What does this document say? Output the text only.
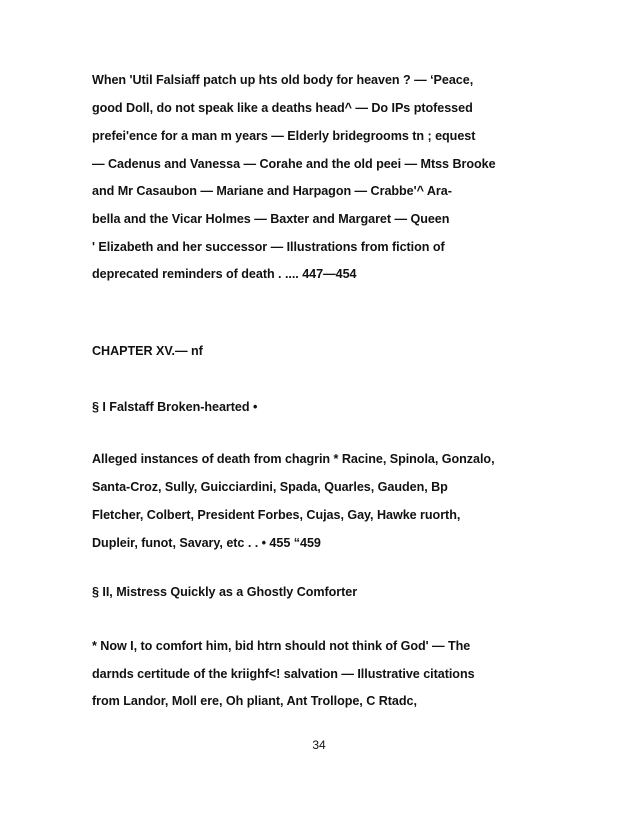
When 'Util Falsiaff patch up hts old body for heaven ? — ‘Peace,
good Doll, do not speak like a deaths head^ — Do IPs ptofessed
prefei'ence for a man m years — Elderly bridegrooms tn ; equest
— Cadenus and Vanessa — Corahe and the old peei — Mtss Brooke
and Mr Casaubon — Mariane and Harpagon — Crabbe'^ Ara-
bella and the Vicar Holmes — Baxter and Margaret — Queen
' Elizabeth and her successor — Illustrations from fiction of
deprecated reminders of death . .... 447—454
CHAPTER XV.— nf
§ I Falstaff Broken-hearted •
Alleged instances of death from chagrin * Racine, Spinola, Gonzalo,
Santa-Croz, Sully, Guicciardini, Spada, Quarles, Gauden, Bp
Fletcher, Colbert, President Forbes, Cujas, Gay, Hawke ruorth,
Dupleir, funot, Savary, etc . . • 455 “459
§ II, Mistress Quickly as a Ghostly Comforter
* Now I, to comfort him, bid htrn should not think of God' — The
darnds certitude of the kriighf<! salvation — Illustrative citations
from Landor, Moll ere, Oh pliant, Ant Trollope, C Rtadc,
34
